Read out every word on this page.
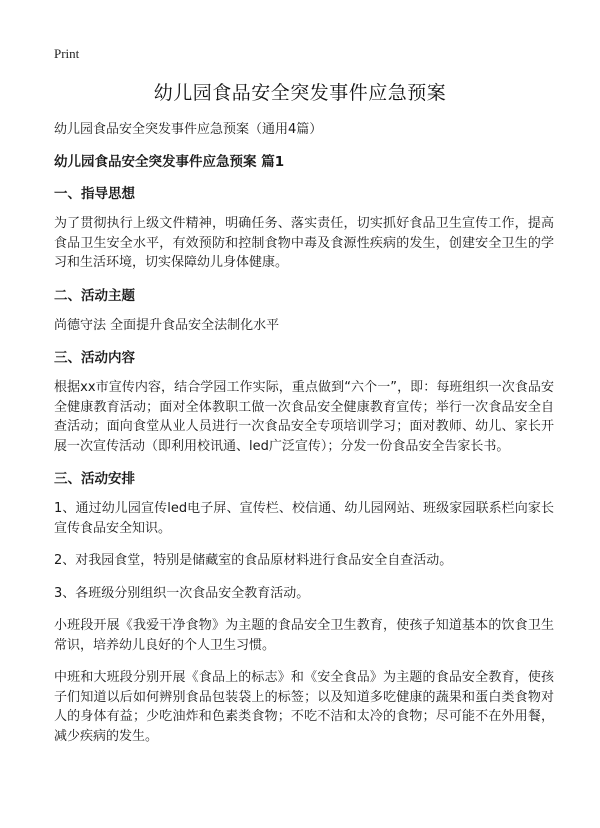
Print
幼儿园食品安全突发事件应急预案

幼儿园食品安全突发事件应急预案（通用4篇）

幼儿园食品安全突发事件应急预案 篇1

一、指导思想

为了贯彻执行上级文件精神，明确任务、落实责任，切实抓好食品卫生宣传工作，提高食品卫生安全水平，有效预防和控制食物中毒及食源性疾病的发生，创建安全卫生的学习和生活环境，切实保障幼儿身体健康。

二、活动主题

尚德守法 全面提升食品安全法制化水平

三、活动内容

根据xx市宣传内容，结合学园工作实际，重点做到“六个一”，即：每班组织一次食品安全健康教育活动；面对全体教职工做一次食品安全健康教育宣传；举行一次食品安全自查活动；面向食堂从业人员进行一次食品安全专项培训学习；面对教师、幼儿、家长开展一次宣传活动（即利用校讯通、led广泛宣传）；分发一份食品安全告家长书。

三、活动安排

1、通过幼儿园宣传led电子屏、宣传栏、校信通、幼儿园网站、班级家园联系栏向家长宣传食品安全知识。

2、对我园食堂，特别是储藏室的食品原材料进行食品安全自查活动。

3、各班级分别组织一次食品安全教育活动。

小班段开展《我爱干净食物》为主题的食品安全卫生教育，使孩子知道基本的饮食卫生常识，培养幼儿良好的个人卫生习惯。

中班和大班段分别开展《食品上的标志》和《安全食品》为主题的食品安全教育，使孩子们知道以后如何辨别食品包装袋上的标签；以及知道多吃健康的蔬果和蛋白类食物对人的身体有益；少吃油炸和色素类食物；不吃不洁和太冷的食物；尽可能不在外用餐，减少疾病的发生。
